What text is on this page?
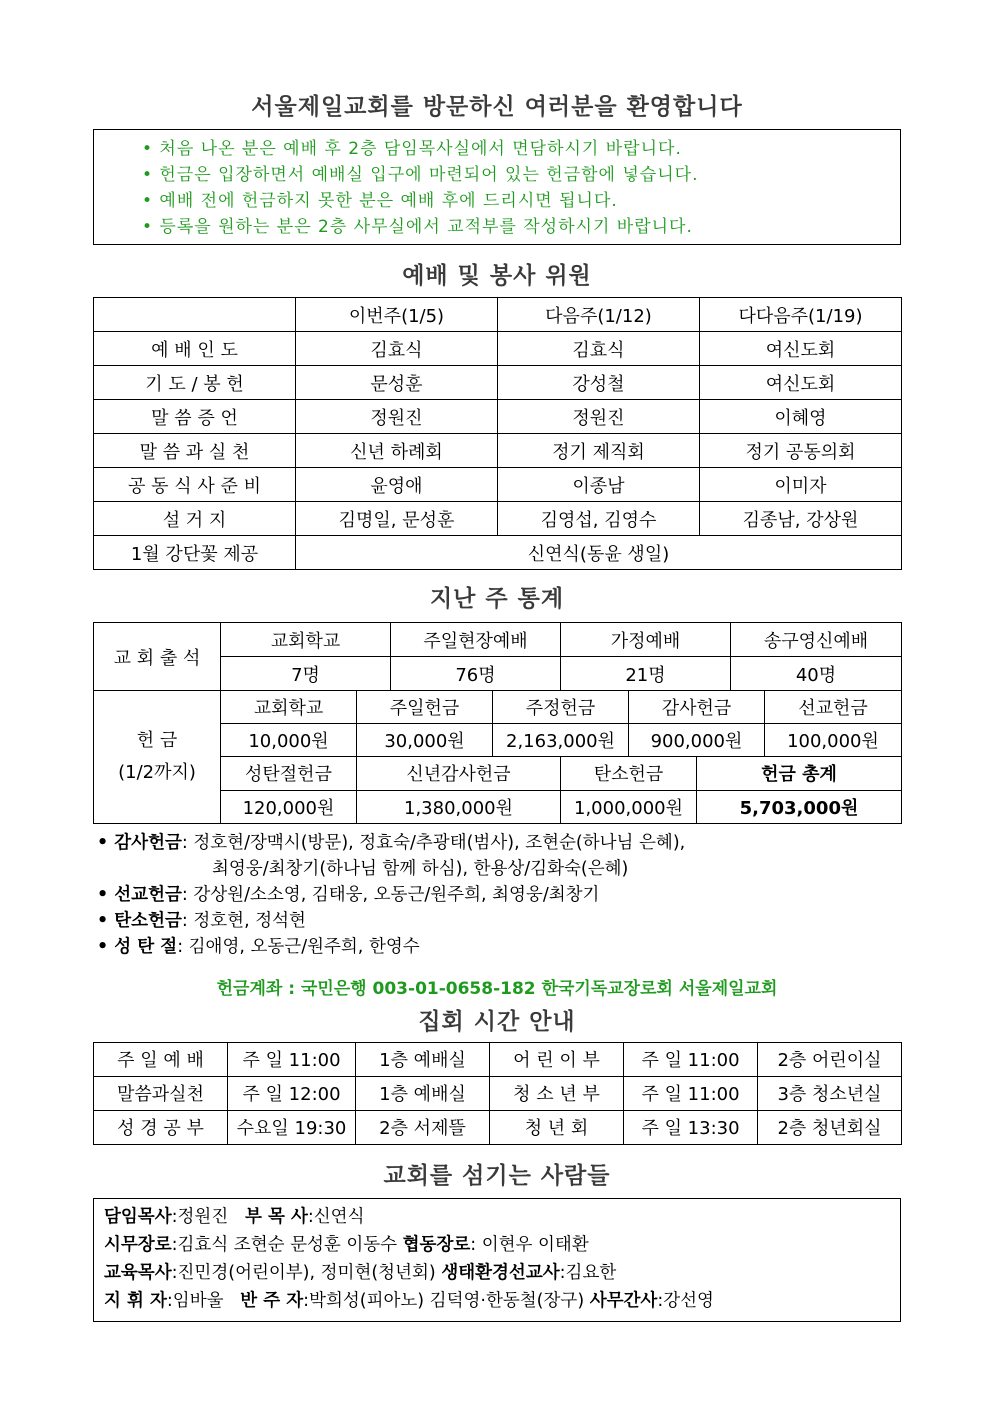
서울제일교회를 방문하신 여러분을 환영합니다
• 처음 나온 분은 예배 후 2층 담임목사실에서 면담하시기 바랍니다.
• 헌금은 입장하면서 예배실 입구에 마련되어 있는 헌금함에 넣습니다.
• 예배 전에 헌금하지 못한 분은 예배 후에 드리시면 됩니다.
• 등록을 원하는 분은 2층 사무실에서 교적부를 작성하시기 바랍니다.
예배 및 봉사 위원
	이번주(1/5)	다음주(1/12)	다다음주(1/19)
예 배 인 도	김효식	김효식	여신도회
기 도 / 봉 헌	문성훈	강성철	여신도회
말 씀 증 언	정원진	정원진	이혜영
말 씀 과 실 천	신년 하례회	정기 제직회	정기 공동의회
공 동 식 사 준 비	윤영애	이종남	이미자
설 거 지	김명일, 문성훈	김영섭, 김영수	김종남, 강상원
1월 강단꽃 제공	신연식(동윤 생일)		
지난 주 통계
교 회 출 석	교회학교	주일현장예배	가정예배	송구영신예배
	7명	76명	21명	40명
헌 금
(1/2까지)	교회학교	주일헌금	주정헌금		감사헌금		선교헌금
	10,000원	30,000원	2,163,000원		900,000원		100,000원
	성탄절헌금	신년감사헌금		탄소헌금		헌금 총계	
	120,000원	1,380,000원		1,000,000원		5,703,000원	
• 감사헌금: 정호현/장맥시(방문), 정효숙/추광태(범사), 조현순(하나님 은혜),
최영웅/최창기(하나님 함께 하심), 한용상/김화숙(은혜)
• 선교헌금: 강상원/소소영, 김태웅, 오동근/원주희, 최영웅/최창기
• 탄소헌금: 정호현, 정석현
• 성 탄 절: 김애영, 오동근/원주희, 한영수
헌금계좌 : 국민은행 003-01-0658-182 한국기독교장로회 서울제일교회
집회 시간 안내
주 일 예 배	주 일 11:00	1층 예배실	어 린 이 부	주 일 11:00	2층 어린이실
말씀과실천	주 일 12:00	1층 예배실	청 소 년 부	주 일 11:00	3층 청소년실
성 경 공 부	수요일 19:30	2층 서제뜰	청 년 회	주 일 13:30	2층 청년회실
교회를 섬기는 사람들
담임목사:정원진 부 목 사:신연식
시무장로:김효식 조현순 문성훈 이동수 협동장로: 이현우 이태환
교육목사:진민경(어린이부), 정미현(청년회) 생태환경선교사:김요한
지 휘 자:임바울 반 주 자:박희성(피아노) 김덕영·한동철(장구) 사무간사:강선영
